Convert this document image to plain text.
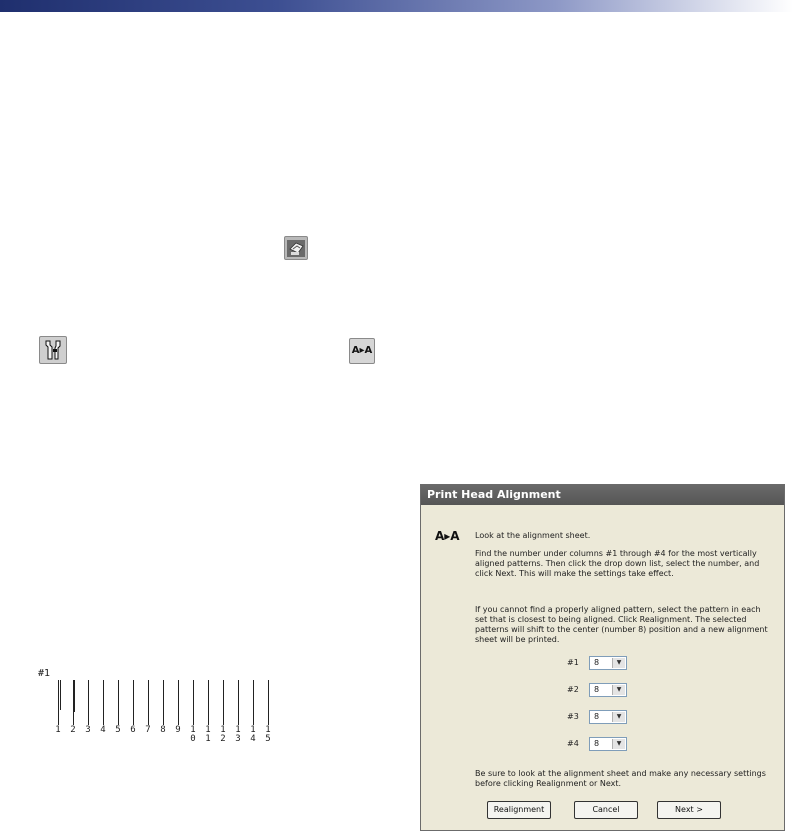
A▸A
#1
1 2 3 4 5 6 7 8 9 1
0
1
1
1
2
1
3
1
4
1
5
Print Head Alignment
A▸A Look at the alignment sheet.
Find the number under columns #1 through #4 for the most vertically aligned patterns. Then click the drop down list, select the number, and click Next. This will make the settings take effect.
If you cannot find a properly aligned pattern, select the pattern in each set that is closest to being aligned. Click Realignment. The selected patterns will shift to the center (number 8) position and a new alignment sheet will be printed.
#1	8	▼
#2	8	▼
#3	8	▼
#4	8	▼
Be sure to look at the alignment sheet and make any necessary settings before clicking Realignment or Next.
Realignment	Cancel	Next >
